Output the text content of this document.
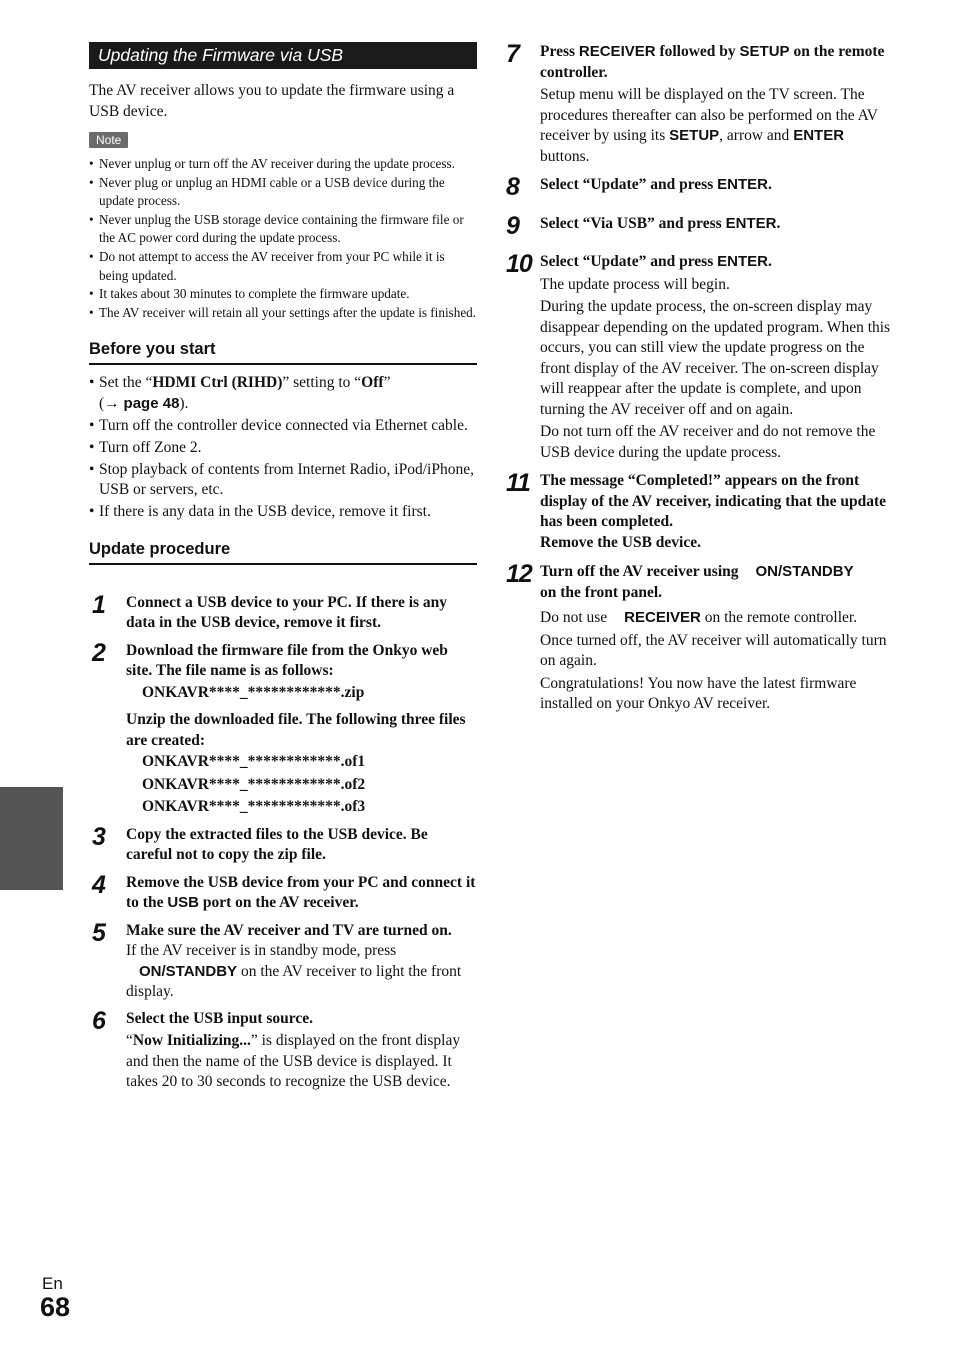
Updating the Firmware via USB
The AV receiver allows you to update the firmware using a USB device.
Note
• Never unplug or turn off the AV receiver during the update process.
• Never plug or unplug an HDMI cable or a USB device during the update process.
• Never unplug the USB storage device containing the firmware file or the AC power cord during the update process.
• Do not attempt to access the AV receiver from your PC while it is being updated.
• It takes about 30 minutes to complete the firmware update.
• The AV receiver will retain all your settings after the update is finished.
Before you start
• Set the “HDMI Ctrl (RIHD)” setting to “Off”
(→ page 48).
• Turn off the controller device connected via Ethernet cable.
• Turn off Zone 2.
• Stop playback of contents from Internet Radio, iPod/iPhone, USB or servers, etc.
• If there is any data in the USB device, remove it first.
Update procedure
1 Connect a USB device to your PC. If there is any data in the USB device, remove it first.
2 Download the firmware file from the Onkyo web site. The file name is as follows:
ONKAVR****_************.zip
Unzip the downloaded file. The following three files are created:
ONKAVR****_************.of1
ONKAVR****_************.of2
ONKAVR****_************.of3
3 Copy the extracted files to the USB device. Be careful not to copy the zip file.
4 Remove the USB device from your PC and connect it to the USB port on the AV receiver.
5 Make sure the AV receiver and TV are turned on.
If the AV receiver is in standby mode, press
ON/STANDBY on the AV receiver to light the front display.
6 Select the USB input source.
“Now Initializing...” is displayed on the front display and then the name of the USB device is displayed. It takes 20 to 30 seconds to recognize the USB device.
7 Press RECEIVER followed by SETUP on the remote controller.
Setup menu will be displayed on the TV screen. The procedures thereafter can also be performed on the AV receiver by using its SETUP, arrow and ENTER buttons.
8 Select “Update” and press ENTER.
9 Select “Via USB” and press ENTER.
10 Select “Update” and press ENTER.
The update process will begin.
During the update process, the on-screen display may disappear depending on the updated program. When this occurs, you can still view the update progress on the front display of the AV receiver. The on-screen display will reappear after the update is complete, and upon turning the AV receiver off and on again.
Do not turn off the AV receiver and do not remove the USB device during the update process.
11 The message “Completed!” appears on the front display of the AV receiver, indicating that the update has been completed.
Remove the USB device.
12 Turn off the AV receiver using ON/STANDBY
on the front panel.
Do not use RECEIVER on the remote controller.
Once turned off, the AV receiver will automatically turn on again.
Congratulations! You now have the latest firmware installed on your Onkyo AV receiver.
En
68
